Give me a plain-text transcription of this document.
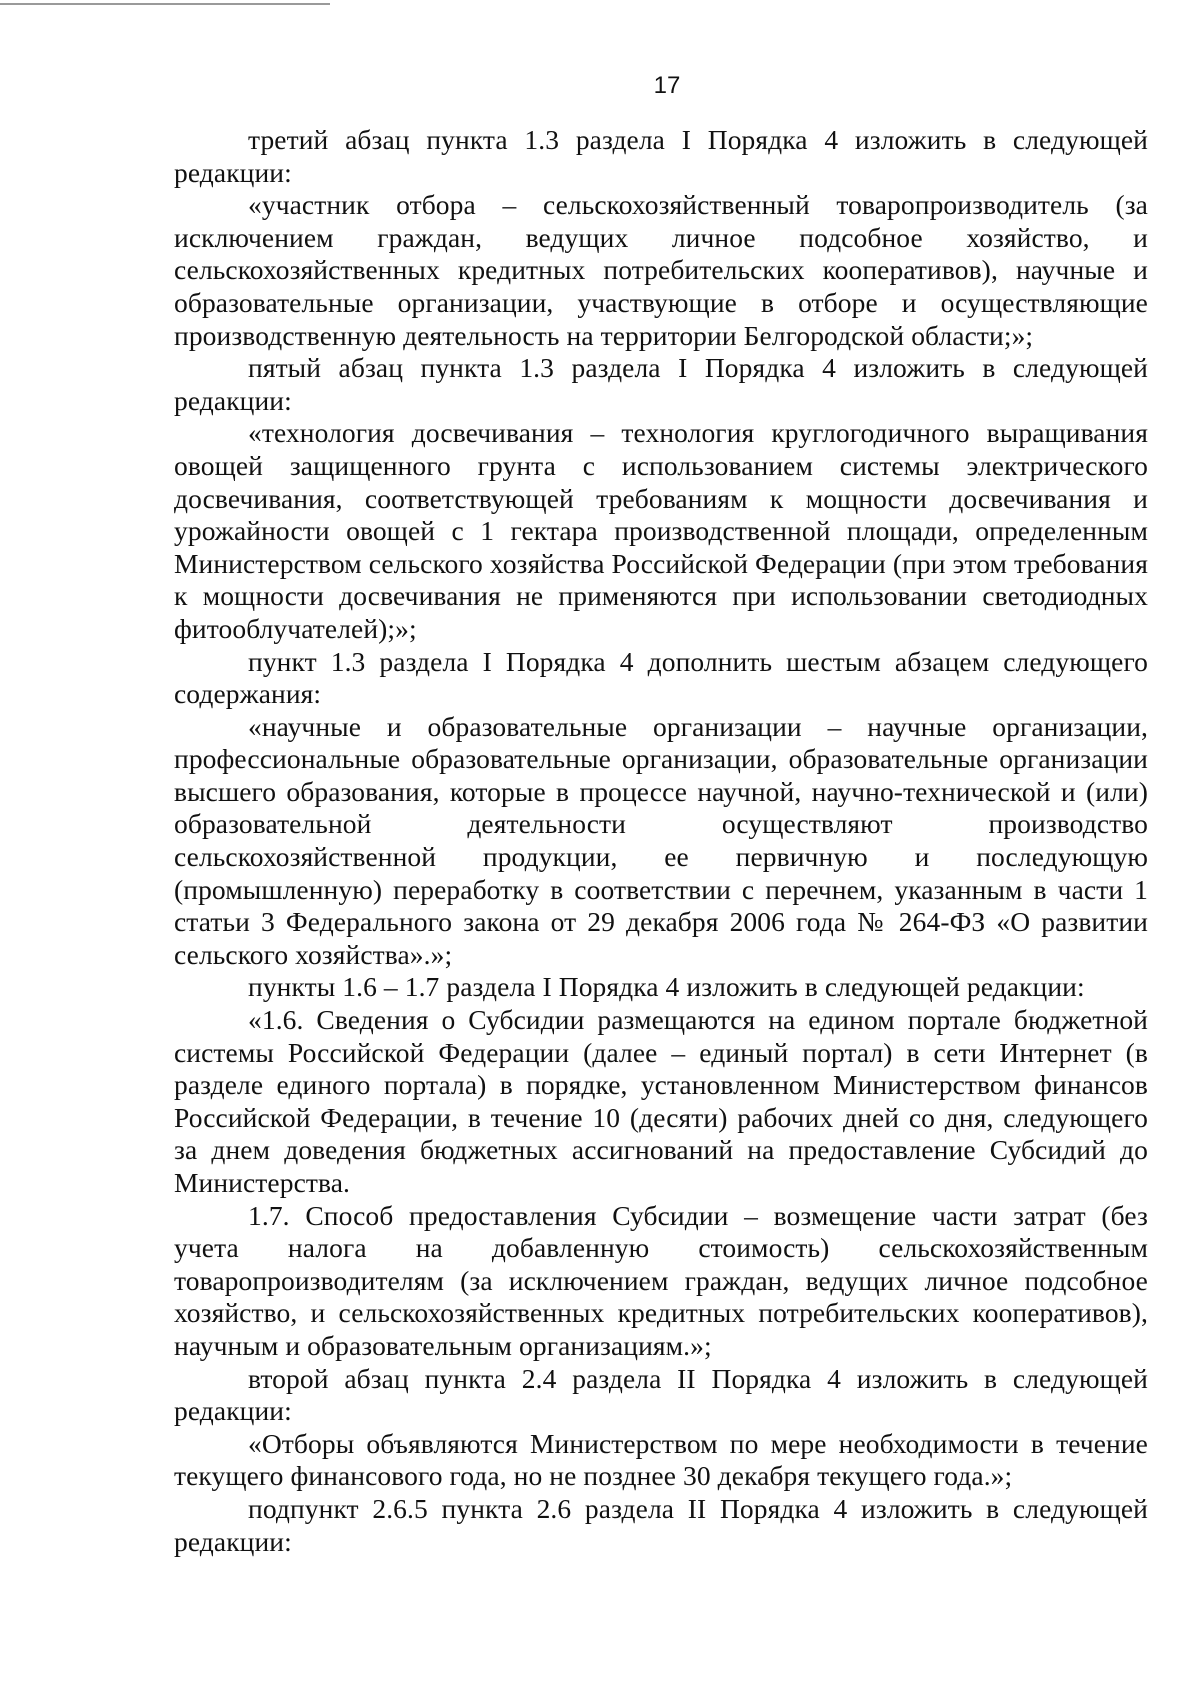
17

третий абзац пункта 1.3 раздела I Порядка 4 изложить в следующей редакции:

«участник отбора – сельскохозяйственный товаропроизводитель (за исключением граждан, ведущих личное подсобное хозяйство, и сельскохозяйственных кредитных потребительских кооперативов), научные и образовательные организации, участвующие в отборе и осуществляющие производственную деятельность на территории Белгородской области;»;

пятый абзац пункта 1.3 раздела I Порядка 4 изложить в следующей редакции:

«технология досвечивания – технология круглогодичного выращивания овощей защищенного грунта с использованием системы электрического досвечивания, соответствующей требованиям к мощности досвечивания и урожайности овощей с 1 гектара производственной площади, определенным Министерством сельского хозяйства Российской Федерации (при этом требования к мощности досвечивания не применяются при использовании светодиодных фитооблучателей);»;

пункт 1.3 раздела I Порядка 4 дополнить шестым абзацем следующего содержания:

«научные и образовательные организации – научные организации, профессиональные образовательные организации, образовательные организации высшего образования, которые в процессе научной, научно-технической и (или) образовательной деятельности осуществляют производство сельскохозяйственной продукции, ее первичную и последующую (промышленную) переработку в соответствии с перечнем, указанным в части 1 статьи 3 Федерального закона от 29 декабря 2006 года № 264-ФЗ «О развитии сельского хозяйства».»;

пункты 1.6 – 1.7 раздела I Порядка 4 изложить в следующей редакции:

«1.6. Сведения о Субсидии размещаются на едином портале бюджетной системы Российской Федерации (далее – единый портал) в сети Интернет (в разделе единого портала) в порядке, установленном Министерством финансов Российской Федерации, в течение 10 (десяти) рабочих дней со дня, следующего за днем доведения бюджетных ассигнований на предоставление Субсидий до Министерства.

1.7. Способ предоставления Субсидии – возмещение части затрат (без учета налога на добавленную стоимость) сельскохозяйственным товаропроизводителям (за исключением граждан, ведущих личное подсобное хозяйство, и сельскохозяйственных кредитных потребительских кооперативов), научным и образовательным организациям.»;

второй абзац пункта 2.4 раздела II Порядка 4 изложить в следующей редакции:

«Отборы объявляются Министерством по мере необходимости в течение текущего финансового года, но не позднее 30 декабря текущего года.»;

подпункт 2.6.5 пункта 2.6 раздела II Порядка 4 изложить в следующей редакции:
